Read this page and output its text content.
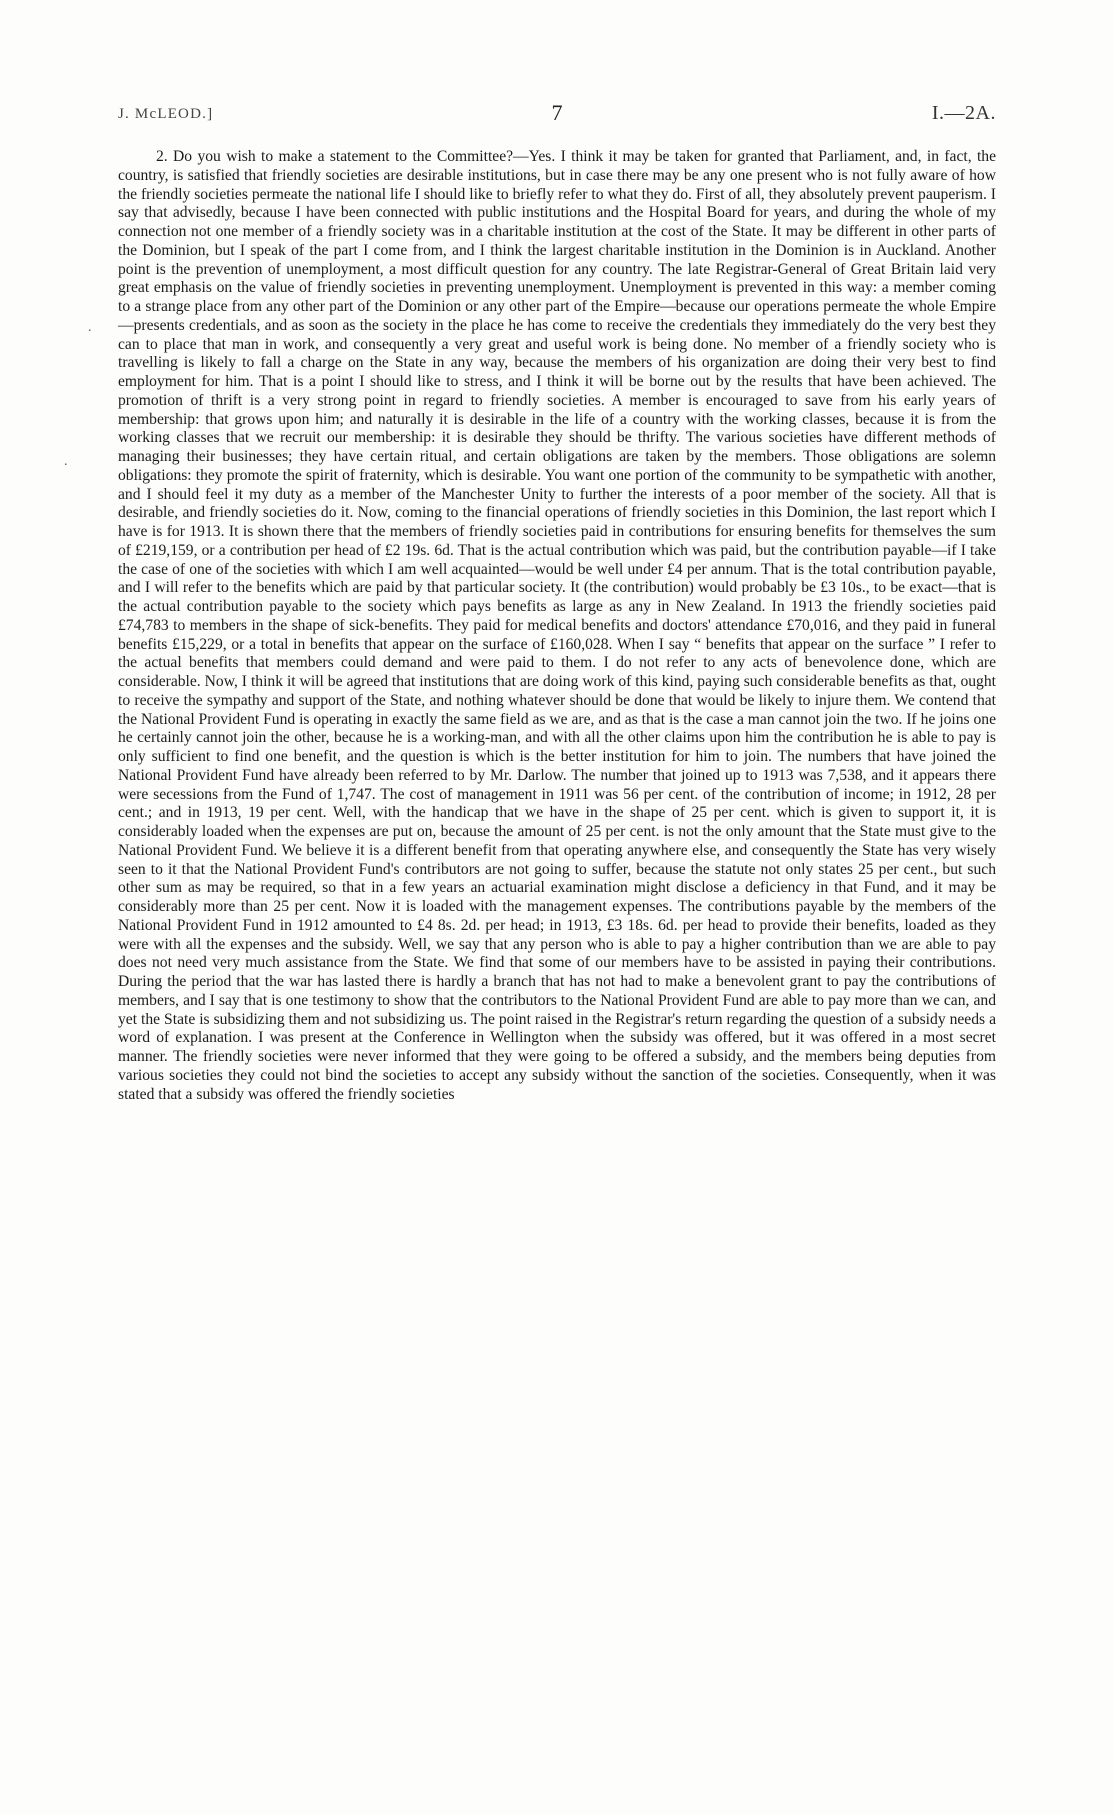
J. McLEOD.]	7	I.—2A.
.
.

2. Do you wish to make a statement to the Committee?—Yes. I think it may be taken for granted that Parliament, and, in fact, the country, is satisfied that friendly societies are desirable institutions, but in case there may be any one present who is not fully aware of how the friendly societies permeate the national life I should like to briefly refer to what they do. First of all, they absolutely prevent pauperism. I say that advisedly, because I have been connected with public institutions and the Hospital Board for years, and during the whole of my connection not one member of a friendly society was in a charitable institution at the cost of the State. It may be different in other parts of the Dominion, but I speak of the part I come from, and I think the largest charitable institution in the Dominion is in Auckland. Another point is the prevention of unemployment, a most difficult question for any country. The late Registrar-General of Great Britain laid very great emphasis on the value of friendly societies in preventing unemployment. Unemployment is prevented in this way: a member coming to a strange place from any other part of the Dominion or any other part of the Empire—because our operations permeate the whole Empire—presents credentials, and as soon as the society in the place he has come to receive the credentials they immediately do the very best they can to place that man in work, and consequently a very great and useful work is being done. No member of a friendly society who is travelling is likely to fall a charge on the State in any way, because the members of his organization are doing their very best to find employment for him. That is a point I should like to stress, and I think it will be borne out by the results that have been achieved. The promotion of thrift is a very strong point in regard to friendly societies. A member is encouraged to save from his early years of membership: that grows upon him; and naturally it is desirable in the life of a country with the working classes, because it is from the working classes that we recruit our membership: it is desirable they should be thrifty. The various societies have different methods of managing their businesses; they have certain ritual, and certain obligations are taken by the members. Those obligations are solemn obligations: they promote the spirit of fraternity, which is desirable. You want one portion of the community to be sympathetic with another, and I should feel it my duty as a member of the Manchester Unity to further the interests of a poor member of the society. All that is desirable, and friendly societies do it. Now, coming to the financial operations of friendly societies in this Dominion, the last report which I have is for 1913. It is shown there that the members of friendly societies paid in contributions for ensuring benefits for themselves the sum of £219,159, or a contribution per head of £2 19s. 6d. That is the actual contribution which was paid, but the contribution payable—if I take the case of one of the societies with which I am well acquainted—would be well under £4 per annum. That is the total contribution payable, and I will refer to the benefits which are paid by that particular society. It (the contribution) would probably be £3 10s., to be exact—that is the actual contribution payable to the society which pays benefits as large as any in New Zealand. In 1913 the friendly societies paid £74,783 to members in the shape of sick-benefits. They paid for medical benefits and doctors' attendance £70,016, and they paid in funeral benefits £15,229, or a total in benefits that appear on the surface of £160,028. When I say “ benefits that appear on the surface ” I refer to the actual benefits that members could demand and were paid to them. I do not refer to any acts of benevolence done, which are considerable. Now, I think it will be agreed that institutions that are doing work of this kind, paying such considerable benefits as that, ought to receive the sympathy and support of the State, and nothing whatever should be done that would be likely to injure them. We contend that the National Provident Fund is operating in exactly the same field as we are, and as that is the case a man cannot join the two. If he joins one he certainly cannot join the other, because he is a working-man, and with all the other claims upon him the contribution he is able to pay is only sufficient to find one benefit, and the question is which is the better institution for him to join. The numbers that have joined the National Provident Fund have already been referred to by Mr. Darlow. The number that joined up to 1913 was 7,538, and it appears there were secessions from the Fund of 1,747. The cost of management in 1911 was 56 per cent. of the contribution of income; in 1912, 28 per cent.; and in 1913, 19 per cent. Well, with the handicap that we have in the shape of 25 per cent. which is given to support it, it is considerably loaded when the expenses are put on, because the amount of 25 per cent. is not the only amount that the State must give to the National Provident Fund. We believe it is a different benefit from that operating anywhere else, and consequently the State has very wisely seen to it that the National Provident Fund's contributors are not going to suffer, because the statute not only states 25 per cent., but such other sum as may be required, so that in a few years an actuarial examination might disclose a deficiency in that Fund, and it may be considerably more than 25 per cent. Now it is loaded with the management expenses. The contributions payable by the members of the National Provident Fund in 1912 amounted to £4 8s. 2d. per head; in 1913, £3 18s. 6d. per head to provide their benefits, loaded as they were with all the expenses and the subsidy. Well, we say that any person who is able to pay a higher contribution than we are able to pay does not need very much assistance from the State. We find that some of our members have to be assisted in paying their contributions. During the period that the war has lasted there is hardly a branch that has not had to make a benevolent grant to pay the contributions of members, and I say that is one testimony to show that the contributors to the National Provident Fund are able to pay more than we can, and yet the State is subsidizing them and not subsidizing us. The point raised in the Registrar's return regarding the question of a subsidy needs a word of explanation. I was present at the Conference in Wellington when the subsidy was offered, but it was offered in a most secret manner. The friendly societies were never informed that they were going to be offered a subsidy, and the members being deputies from various societies they could not bind the societies to accept any subsidy without the sanction of the societies. Consequently, when it was stated that a subsidy was offered the friendly societies
